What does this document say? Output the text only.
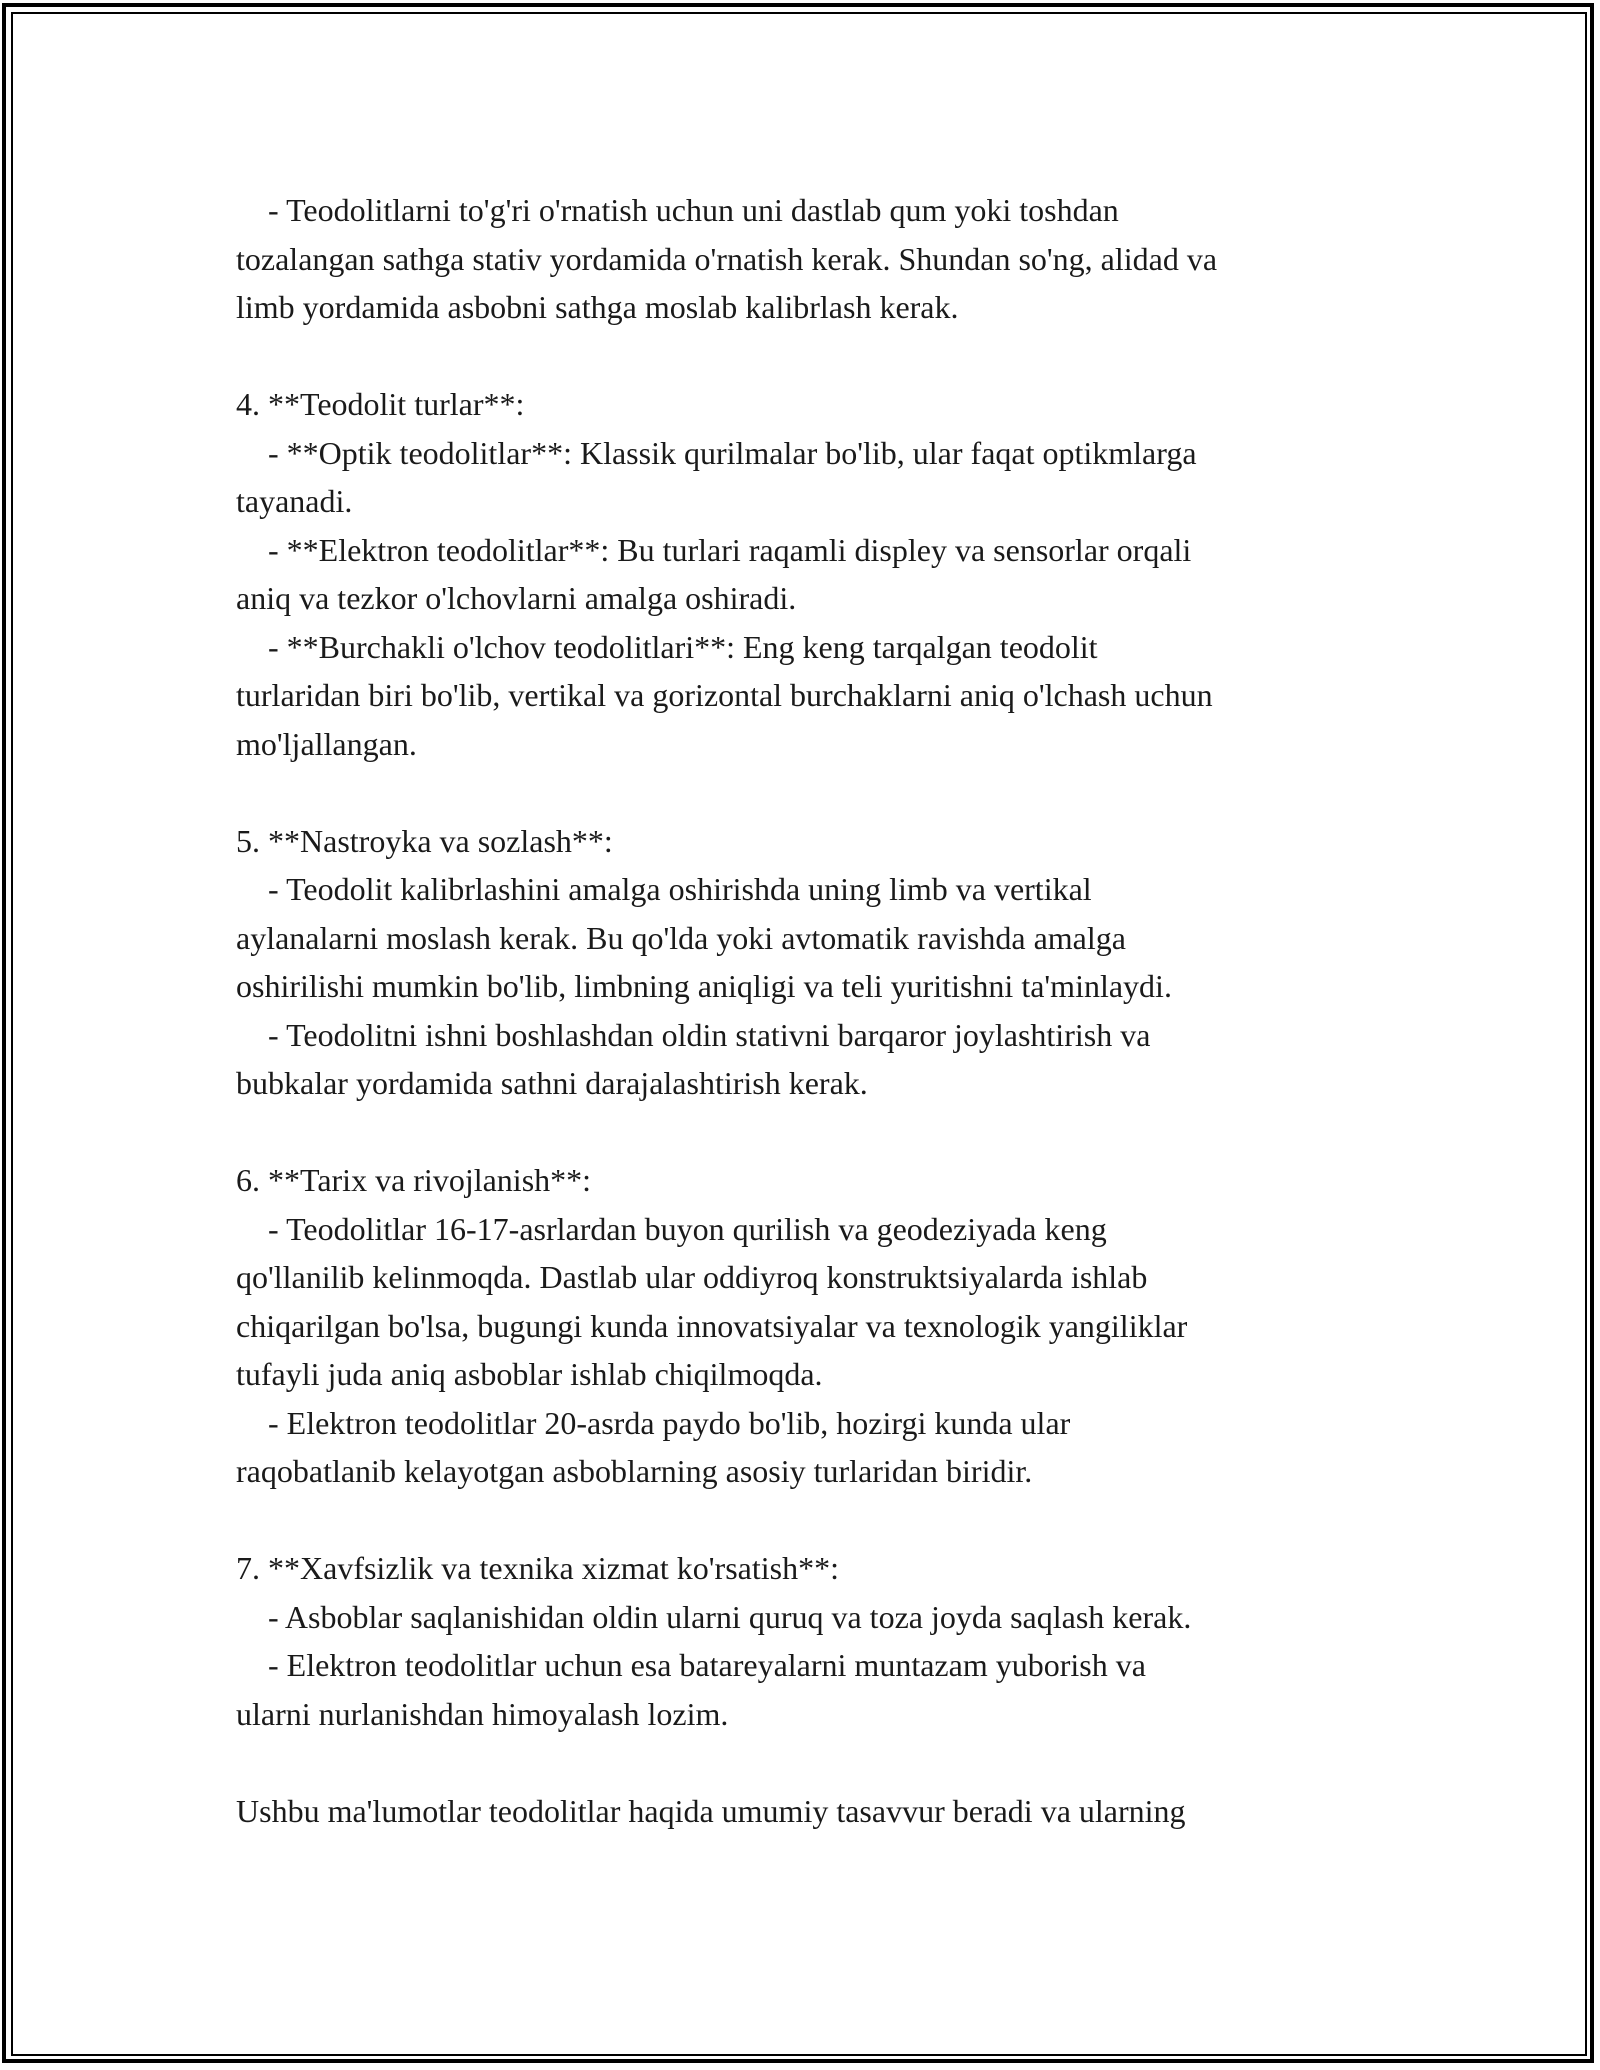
- Teodolitlarni to'g'ri o'rnatish uchun uni dastlab qum yoki toshdan
tozalangan sathga stativ yordamida o'rnatish kerak. Shundan so'ng, alidad va
limb yordamida asbobni sathga moslab kalibrlash kerak.
4. **Teodolit turlar**:
- **Optik teodolitlar**: Klassik qurilmalar bo'lib, ular faqat optikmlarga
tayanadi.
- **Elektron teodolitlar**: Bu turlari raqamli displey va sensorlar orqali
aniq va tezkor o'lchovlarni amalga oshiradi.
- **Burchakli o'lchov teodolitlari**: Eng keng tarqalgan teodolit
turlaridan biri bo'lib, vertikal va gorizontal burchaklarni aniq o'lchash uchun
mo'ljallangan.
5. **Nastroyka va sozlash**:
- Teodolit kalibrlashini amalga oshirishda uning limb va vertikal
aylanalarni moslash kerak. Bu qo'lda yoki avtomatik ravishda amalga
oshirilishi mumkin bo'lib, limbning aniqligi va teli yuritishni ta'minlaydi.
- Teodolitni ishni boshlashdan oldin stativni barqaror joylashtirish va
bubkalar yordamida sathni darajalashtirish kerak.
6. **Tarix va rivojlanish**:
- Teodolitlar 16-17-asrlardan buyon qurilish va geodeziyada keng
qo'llanilib kelinmoqda. Dastlab ular oddiyroq konstruktsiyalarda ishlab
chiqarilgan bo'lsa, bugungi kunda innovatsiyalar va texnologik yangiliklar
tufayli juda aniq asboblar ishlab chiqilmoqda.
- Elektron teodolitlar 20-asrda paydo bo'lib, hozirgi kunda ular
raqobatlanib kelayotgan asboblarning asosiy turlaridan biridir.
7. **Xavfsizlik va texnika xizmat ko'rsatish**:
- Asboblar saqlanishidan oldin ularni quruq va toza joyda saqlash kerak.
- Elektron teodolitlar uchun esa batareyalarni muntazam yuborish va
ularni nurlanishdan himoyalash lozim.
Ushbu ma'lumotlar teodolitlar haqida umumiy tasavvur beradi va ularning
